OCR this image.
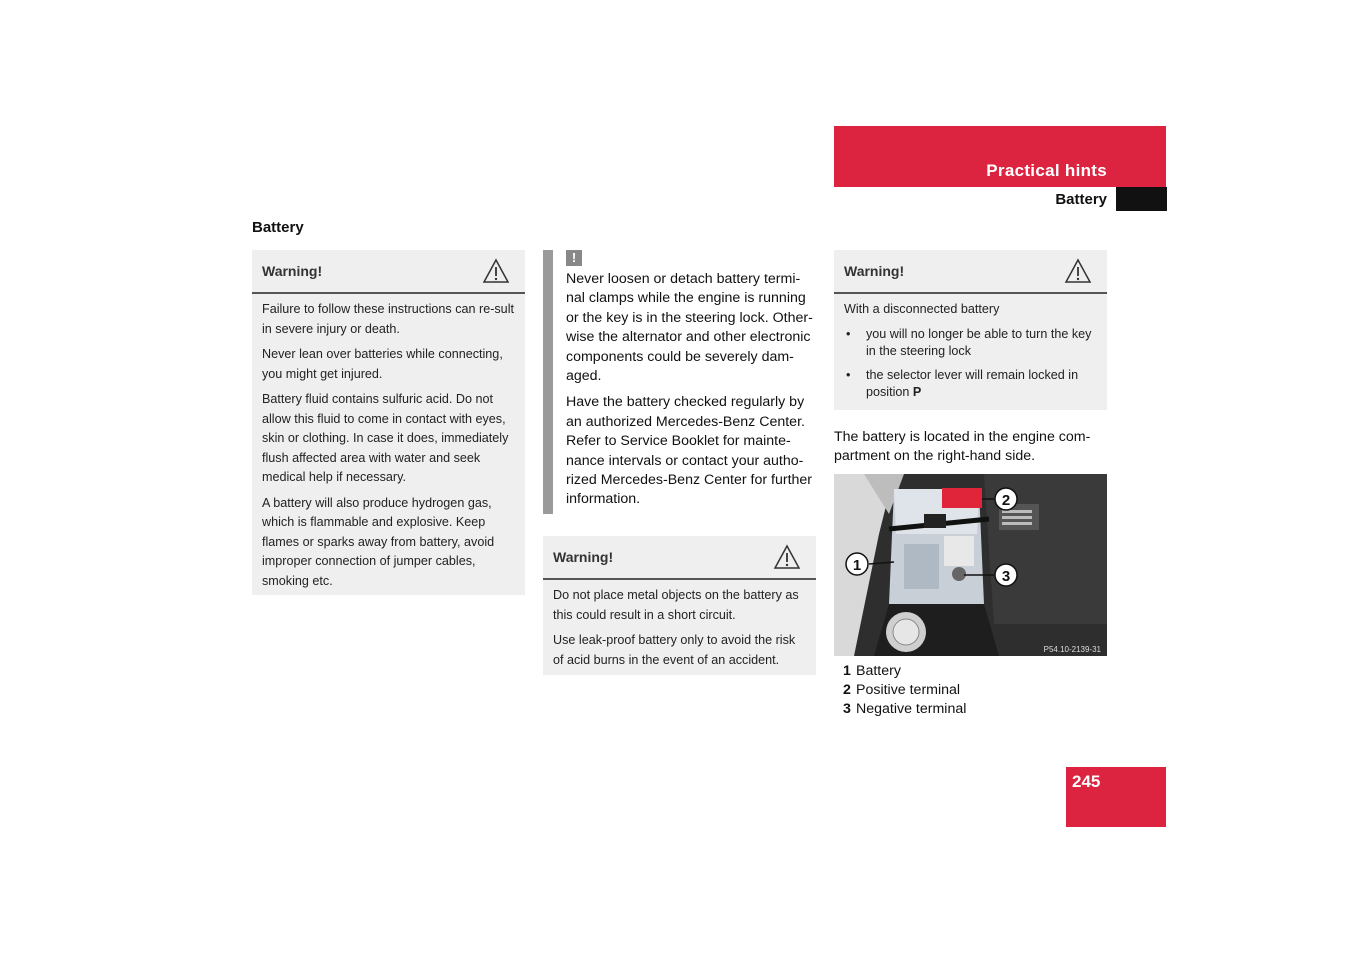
Practical hints
Battery
Battery
Warning!

Failure to follow these instructions can re-sult in severe injury or death.

Never lean over batteries while connecting, you might get injured.

Battery fluid contains sulfuric acid. Do not allow this fluid to come in contact with eyes, skin or clothing. In case it does, immediately flush affected area with water and seek medical help if necessary.

A battery will also produce hydrogen gas, which is flammable and explosive. Keep flames or sparks away from battery, avoid improper connection of jumper cables, smoking etc.

!

Never loosen or detach battery termi-nal clamps while the engine is running or the key is in the steering lock. Other-wise the alternator and other electronic components could be severely dam-aged.

Have the battery checked regularly by an authorized Mercedes-Benz Center. Refer to Service Booklet for mainte-nance intervals or contact your autho-rized Mercedes-Benz Center for further information.

Warning!

Do not place metal objects on the battery as this could result in a short circuit.

Use leak-proof battery only to avoid the risk of acid burns in the event of an accident.

Warning!

With a disconnected battery

• you will no longer be able to turn the key in the steering lock
• the selector lever will remain locked in position P
The battery is located in the engine com-partment on the right-hand side.
2
1
3
P54.10-2139-31
1 Battery
2 Positive terminal
3 Negative terminal
245
